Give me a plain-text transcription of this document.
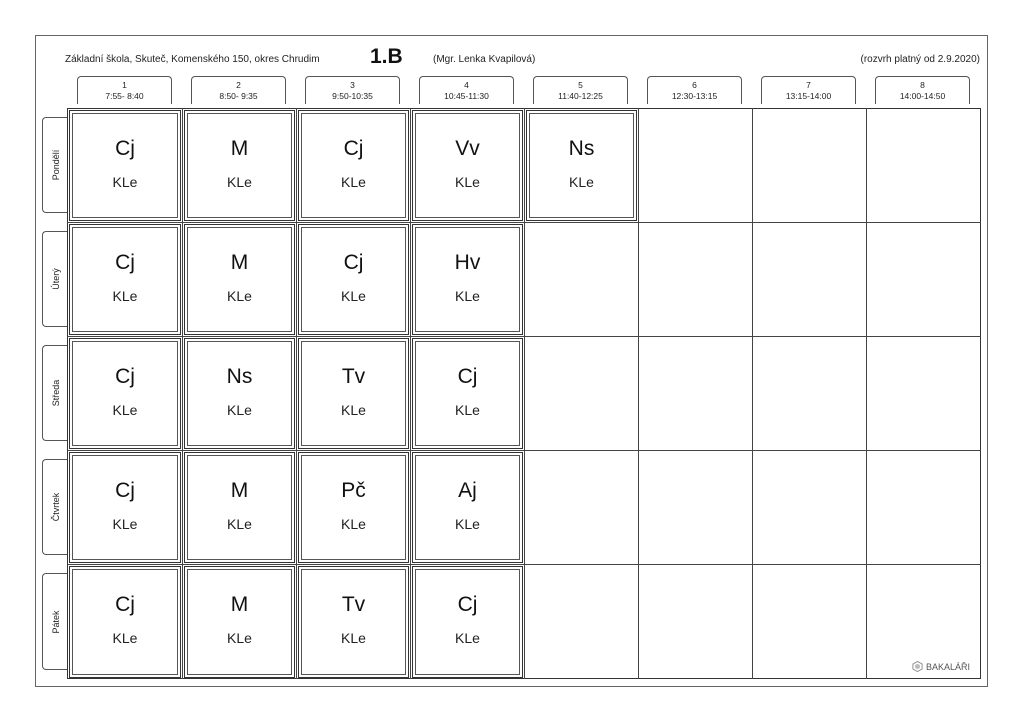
Základní škola, Skuteč, Komenského 150, okres Chrudim 1.B	(Mgr. Lenka Kvapilová)	(rozvrh platný od 2.9.2020)
1
7:55- 8:40
2
8:50- 9:35
3
9:50-10:35
4
10:45-11:30
5
11:40-12:25
6
12:30-13:15
7
13:15-14:00
8
14:00-14:50
Pondělí
Úterý
Středa
Čtvrtek
Pátek
Cj
KLe
M
KLe
Cj
KLe
Vv
KLe
Ns
KLe
Cj
KLe
M
KLe
Cj
KLe
Hv
KLe
Cj
KLe
Ns
KLe
Tv
KLe
Cj
KLe
Cj
KLe
M
KLe
Pč
KLe
Aj
KLe
Cj
KLe
M
KLe
Tv
KLe
Cj
KLe
BAKALÁŘI
